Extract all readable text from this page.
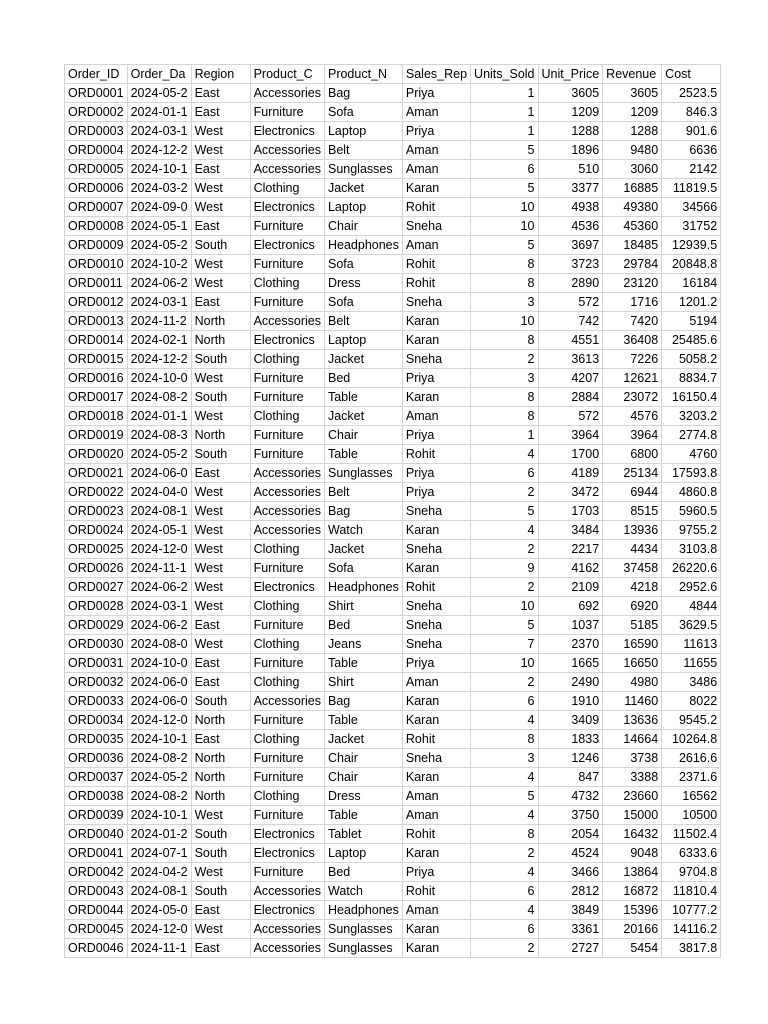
Order_ID	Order_Da	Region	Product_C	Product_N	Sales_Rep	Units_Sold	Unit_Price	Revenue	Cost
ORD0001	2024-05-2	East	Accessories	Bag	Priya	1	3605	3605	2523.5
ORD0002	2024-01-1	East	Furniture	Sofa	Aman	1	1209	1209	846.3
ORD0003	2024-03-1	West	Electronics	Laptop	Priya	1	1288	1288	901.6
ORD0004	2024-12-2	West	Accessories	Belt	Aman	5	1896	9480	6636
ORD0005	2024-10-1	East	Accessories	Sunglasses	Aman	6	510	3060	2142
ORD0006	2024-03-2	West	Clothing	Jacket	Karan	5	3377	16885	11819.5
ORD0007	2024-09-0	West	Electronics	Laptop	Rohit	10	4938	49380	34566
ORD0008	2024-05-1	East	Furniture	Chair	Sneha	10	4536	45360	31752
ORD0009	2024-05-2	South	Electronics	Headphones	Aman	5	3697	18485	12939.5
ORD0010	2024-10-2	West	Furniture	Sofa	Rohit	8	3723	29784	20848.8
ORD0011	2024-06-2	West	Clothing	Dress	Rohit	8	2890	23120	16184
ORD0012	2024-03-1	East	Furniture	Sofa	Sneha	3	572	1716	1201.2
ORD0013	2024-11-2	North	Accessories	Belt	Karan	10	742	7420	5194
ORD0014	2024-02-1	North	Electronics	Laptop	Karan	8	4551	36408	25485.6
ORD0015	2024-12-2	South	Clothing	Jacket	Sneha	2	3613	7226	5058.2
ORD0016	2024-10-0	West	Furniture	Bed	Priya	3	4207	12621	8834.7
ORD0017	2024-08-2	South	Furniture	Table	Karan	8	2884	23072	16150.4
ORD0018	2024-01-1	West	Clothing	Jacket	Aman	8	572	4576	3203.2
ORD0019	2024-08-3	North	Furniture	Chair	Priya	1	3964	3964	2774.8
ORD0020	2024-05-2	South	Furniture	Table	Rohit	4	1700	6800	4760
ORD0021	2024-06-0	East	Accessories	Sunglasses	Priya	6	4189	25134	17593.8
ORD0022	2024-04-0	West	Accessories	Belt	Priya	2	3472	6944	4860.8
ORD0023	2024-08-1	West	Accessories	Bag	Sneha	5	1703	8515	5960.5
ORD0024	2024-05-1	West	Accessories	Watch	Karan	4	3484	13936	9755.2
ORD0025	2024-12-0	West	Clothing	Jacket	Sneha	2	2217	4434	3103.8
ORD0026	2024-11-1	West	Furniture	Sofa	Karan	9	4162	37458	26220.6
ORD0027	2024-06-2	West	Electronics	Headphones	Rohit	2	2109	4218	2952.6
ORD0028	2024-03-1	West	Clothing	Shirt	Sneha	10	692	6920	4844
ORD0029	2024-06-2	East	Furniture	Bed	Sneha	5	1037	5185	3629.5
ORD0030	2024-08-0	West	Clothing	Jeans	Sneha	7	2370	16590	11613
ORD0031	2024-10-0	East	Furniture	Table	Priya	10	1665	16650	11655
ORD0032	2024-06-0	East	Clothing	Shirt	Aman	2	2490	4980	3486
ORD0033	2024-06-0	South	Accessories	Bag	Karan	6	1910	11460	8022
ORD0034	2024-12-0	North	Furniture	Table	Karan	4	3409	13636	9545.2
ORD0035	2024-10-1	East	Clothing	Jacket	Rohit	8	1833	14664	10264.8
ORD0036	2024-08-2	North	Furniture	Chair	Sneha	3	1246	3738	2616.6
ORD0037	2024-05-2	North	Furniture	Chair	Karan	4	847	3388	2371.6
ORD0038	2024-08-2	North	Clothing	Dress	Aman	5	4732	23660	16562
ORD0039	2024-10-1	West	Furniture	Table	Aman	4	3750	15000	10500
ORD0040	2024-01-2	South	Electronics	Tablet	Rohit	8	2054	16432	11502.4
ORD0041	2024-07-1	South	Electronics	Laptop	Karan	2	4524	9048	6333.6
ORD0042	2024-04-2	West	Furniture	Bed	Priya	4	3466	13864	9704.8
ORD0043	2024-08-1	South	Accessories	Watch	Rohit	6	2812	16872	11810.4
ORD0044	2024-05-0	East	Electronics	Headphones	Aman	4	3849	15396	10777.2
ORD0045	2024-12-0	West	Accessories	Sunglasses	Karan	6	3361	20166	14116.2
ORD0046	2024-11-1	East	Accessories	Sunglasses	Karan	2	2727	5454	3817.8
